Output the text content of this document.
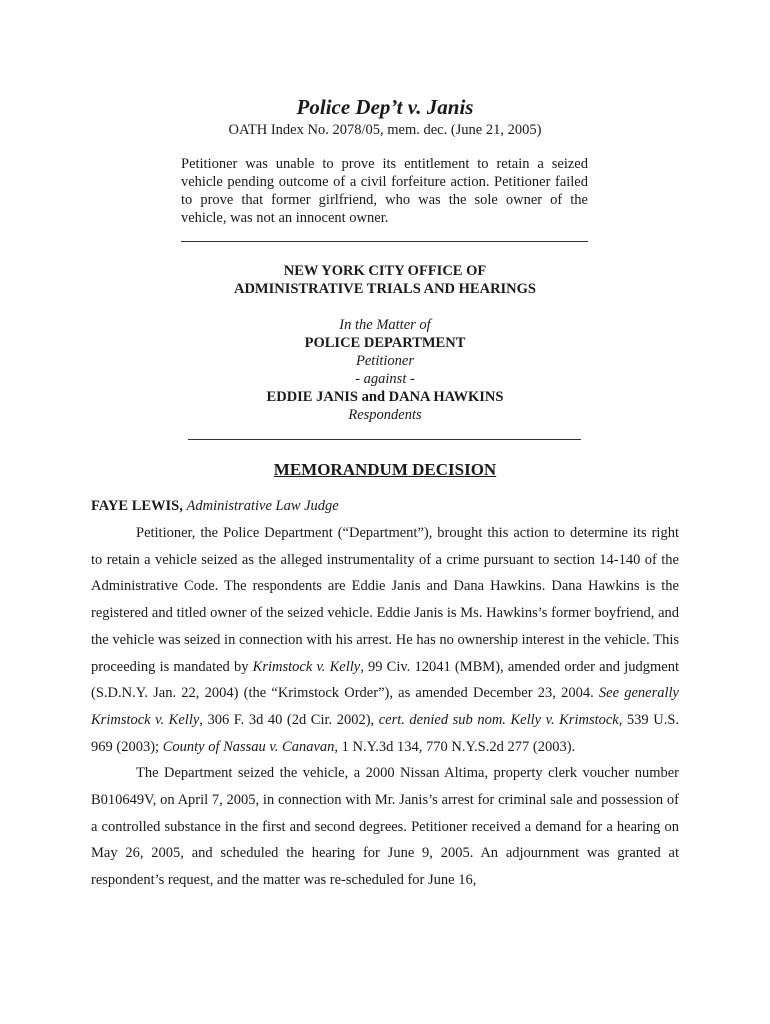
Police Dep’t v. Janis
OATH Index No. 2078/05, mem. dec. (June 21, 2005)
Petitioner was unable to prove its entitlement to retain a seized vehicle pending outcome of a civil forfeiture action. Petitioner failed to prove that former girlfriend, who was the sole owner of the vehicle, was not an innocent owner.
NEW YORK CITY OFFICE OF
ADMINISTRATIVE TRIALS AND HEARINGS
In the Matter of
POLICE DEPARTMENT
Petitioner
- against -
EDDIE JANIS and DANA HAWKINS
Respondents
MEMORANDUM DECISION
FAYE LEWIS, Administrative Law Judge

Petitioner, the Police Department (“Department”), brought this action to determine its right to retain a vehicle seized as the alleged instrumentality of a crime pursuant to section 14-140 of the Administrative Code. The respondents are Eddie Janis and Dana Hawkins. Dana Hawkins is the registered and titled owner of the seized vehicle. Eddie Janis is Ms. Hawkins’s former boyfriend, and the vehicle was seized in connection with his arrest. He has no ownership interest in the vehicle. This proceeding is mandated by Krimstock v. Kelly, 99 Civ. 12041 (MBM), amended order and judgment (S.D.N.Y. Jan. 22, 2004) (the “Krimstock Order”), as amended December 23, 2004. See generally Krimstock v. Kelly, 306 F. 3d 40 (2d Cir. 2002), cert. denied sub nom. Kelly v. Krimstock, 539 U.S. 969 (2003); County of Nassau v. Canavan, 1 N.Y.3d 134, 770 N.Y.S.2d 277 (2003).

The Department seized the vehicle, a 2000 Nissan Altima, property clerk voucher number B010649V, on April 7, 2005, in connection with Mr. Janis’s arrest for criminal sale and possession of a controlled substance in the first and second degrees. Petitioner received a demand for a hearing on May 26, 2005, and scheduled the hearing for June 9, 2005. An adjournment was granted at respondent’s request, and the matter was re-scheduled for June 16,
